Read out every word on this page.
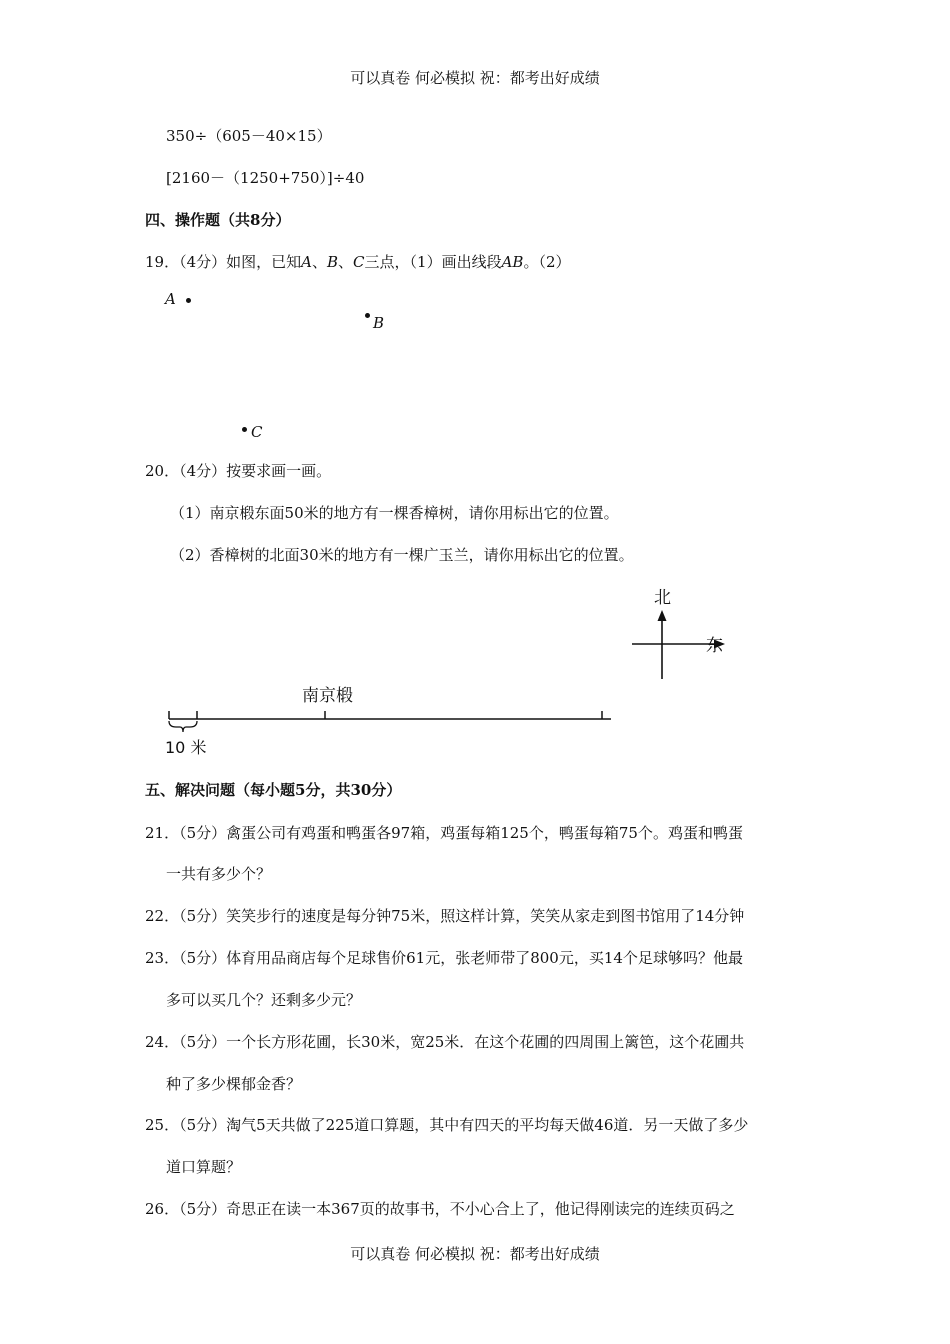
可以真卷 何必模拟 祝：都考出好成绩
350÷（605－40×15）
[2160－（1250+750）]÷40
四、操作题（共8分）
19．（4分）如图，已知A、B、C三点，（1）画出线段AB。（2）
A
B
C
20．（4分）按要求画一画。
（1）南京椴东面50米的地方有一棵香樟树，请你用标出它的位置。
（2）香樟树的北面30米的地方有一棵广玉兰，请你用标出它的位置。
北
东
南京椴
10 米
五、解决问题（每小题5分，共30分）
21．（5分）禽蛋公司有鸡蛋和鸭蛋各97箱，鸡蛋每箱125个，鸭蛋每箱75个。鸡蛋和鸭蛋
一共有多少个？
22．（5分）笑笑步行的速度是每分钟75米，照这样计算，笑笑从家走到图书馆用了14分钟
23．（5分）体育用品商店每个足球售价61元，张老师带了800元，买14个足球够吗？他最
多可以买几个？还剩多少元？
24．（5分）一个长方形花圃，长30米，宽25米．在这个花圃的四周围上篱笆，这个花圃共
种了多少棵郁金香？
25．（5分）淘气5天共做了225道口算题，其中有四天的平均每天做46道．另一天做了多少
道口算题？
26．（5分）奇思正在读一本367页的故事书，不小心合上了，他记得刚读完的连续页码之
可以真卷 何必模拟 祝：都考出好成绩
